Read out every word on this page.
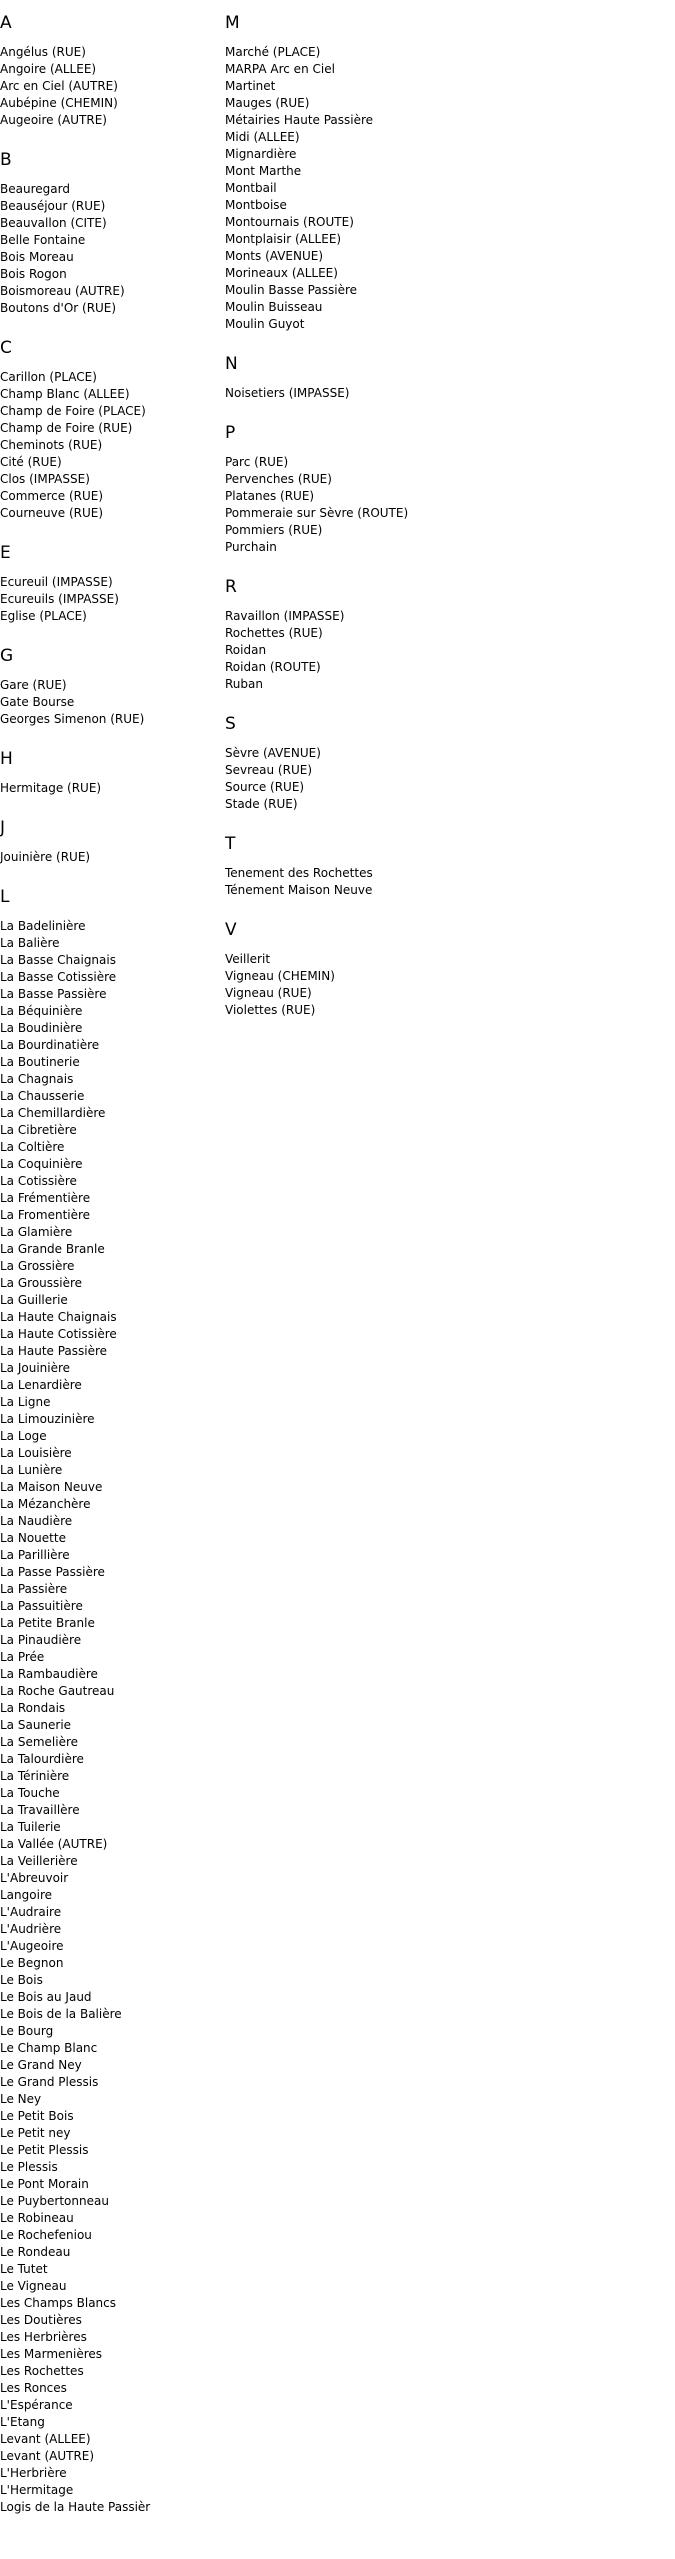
A
Angélus (RUE)
Angoire (ALLEE)
Arc en Ciel (AUTRE)
Aubépine (CHEMIN)
Augeoire (AUTRE)
B
Beauregard
Beauséjour (RUE)
Beauvallon (CITE)
Belle Fontaine
Bois Moreau
Bois Rogon
Boismoreau (AUTRE)
Boutons d'Or (RUE)
C
Carillon (PLACE)
Champ Blanc (ALLEE)
Champ de Foire (PLACE)
Champ de Foire (RUE)
Cheminots (RUE)
Cité (RUE)
Clos (IMPASSE)
Commerce (RUE)
Courneuve (RUE)
E
Ecureuil (IMPASSE)
Ecureuils (IMPASSE)
Eglise (PLACE)
G
Gare (RUE)
Gate Bourse
Georges Simenon (RUE)
H
Hermitage (RUE)
J
Jouinière (RUE)
L
La Badelinière
La Balière
La Basse Chaignais
La Basse Cotissière
La Basse Passière
La Béquinière
La Boudinière
La Bourdinatière
La Boutinerie
La Chagnais
La Chausserie
La Chemillardière
La Cibretière
La Coltière
La Coquinière
La Cotissière
La Frémentière
La Fromentière
La Glamière
La Grande Branle
La Grossière
La Groussière
La Guillerie
La Haute Chaignais
La Haute Cotissière
La Haute Passière
La Jouinière
La Lenardière
La Ligne
La Limouzinière
La Loge
La Louisière
La Lunière
La Maison Neuve
La Mézanchère
La Naudière
La Nouette
La Parillière
La Passe Passière
La Passière
La Passuitière
La Petite Branle
La Pinaudière
La Prée
La Rambaudière
La Roche Gautreau
La Rondais
La Saunerie
La Semelière
La Talourdière
La Térinière
La Touche
La Travaillère
La Tuilerie
La Vallée (AUTRE)
La Veillerière
L'Abreuvoir
Langoire
L'Audraire
L'Audrière
L'Augeoire
Le Begnon
Le Bois
Le Bois au Jaud
Le Bois de la Balière
Le Bourg
Le Champ Blanc
Le Grand Ney
Le Grand Plessis
Le Ney
Le Petit Bois
Le Petit ney
Le Petit Plessis
Le Plessis
Le Pont Morain
Le Puybertonneau
Le Robineau
Le Rochefeniou
Le Rondeau
Le Tutet
Le Vigneau
Les Champs Blancs
Les Doutières
Les Herbrières
Les Marmenières
Les Rochettes
Les Ronces
L'Espérance
L'Etang
Levant (ALLEE)
Levant (AUTRE)
L'Herbrière
L'Hermitage
Logis de la Haute Passièr
M
Marché (PLACE)
MARPA Arc en Ciel
Martinet
Mauges (RUE)
Métairies Haute Passière
Midi (ALLEE)
Mignardière
Mont Marthe
Montbail
Montboise
Montournais (ROUTE)
Montplaisir (ALLEE)
Monts (AVENUE)
Morineaux (ALLEE)
Moulin Basse Passière
Moulin Buisseau
Moulin Guyot
N
Noisetiers (IMPASSE)
P
Parc (RUE)
Pervenches (RUE)
Platanes (RUE)
Pommeraie sur Sèvre (ROUTE)
Pommiers (RUE)
Purchain
R
Ravaillon (IMPASSE)
Rochettes (RUE)
Roidan
Roidan (ROUTE)
Ruban
S
Sèvre (AVENUE)
Sevreau (RUE)
Source (RUE)
Stade (RUE)
T
Tenement des Rochettes
Ténement Maison Neuve
V
Veillerit
Vigneau (CHEMIN)
Vigneau (RUE)
Violettes (RUE)
